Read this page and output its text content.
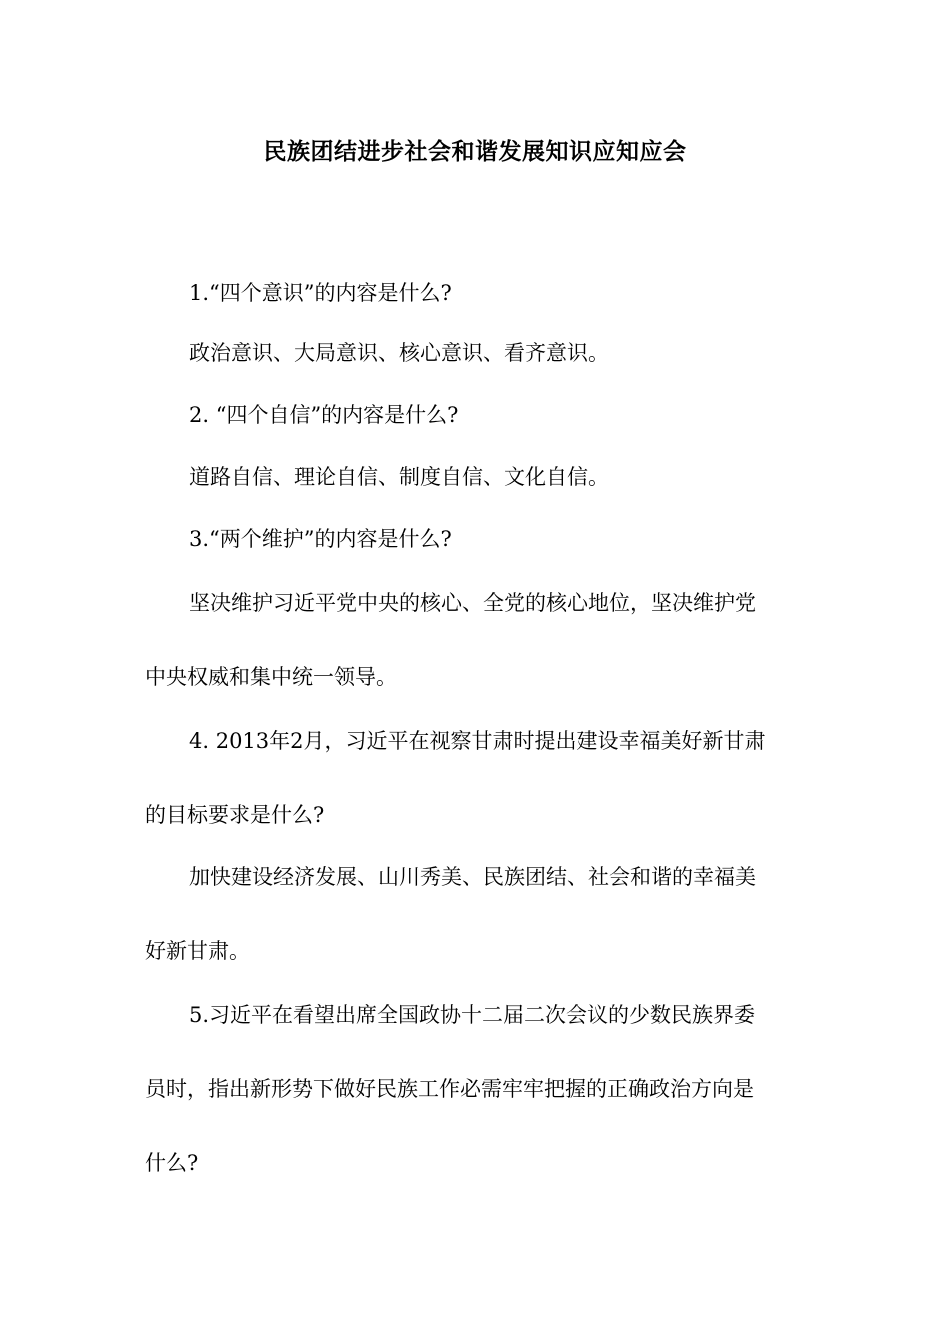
民族团结进步社会和谐发展知识应知应会
1.“四个意识”的内容是什么?
政治意识、大局意识、核心意识、看齐意识。
2. “四个自信”的内容是什么?
道路自信、理论自信、制度自信、文化自信。
3.“两个维护”的内容是什么?
坚决维护习近平党中央的核心、全党的核心地位，坚决维护党
中央权威和集中统一领导。
4. 2013年2月，习近平在视察甘肃时提出建设幸福美好新甘肃
的目标要求是什么?
加快建设经济发展、山川秀美、民族团结、社会和谐的幸福美
好新甘肃。
5.习近平在看望出席全国政协十二届二次会议的少数民族界委
员时，指出新形势下做好民族工作必需牢牢把握的正确政治方向是
什么?
